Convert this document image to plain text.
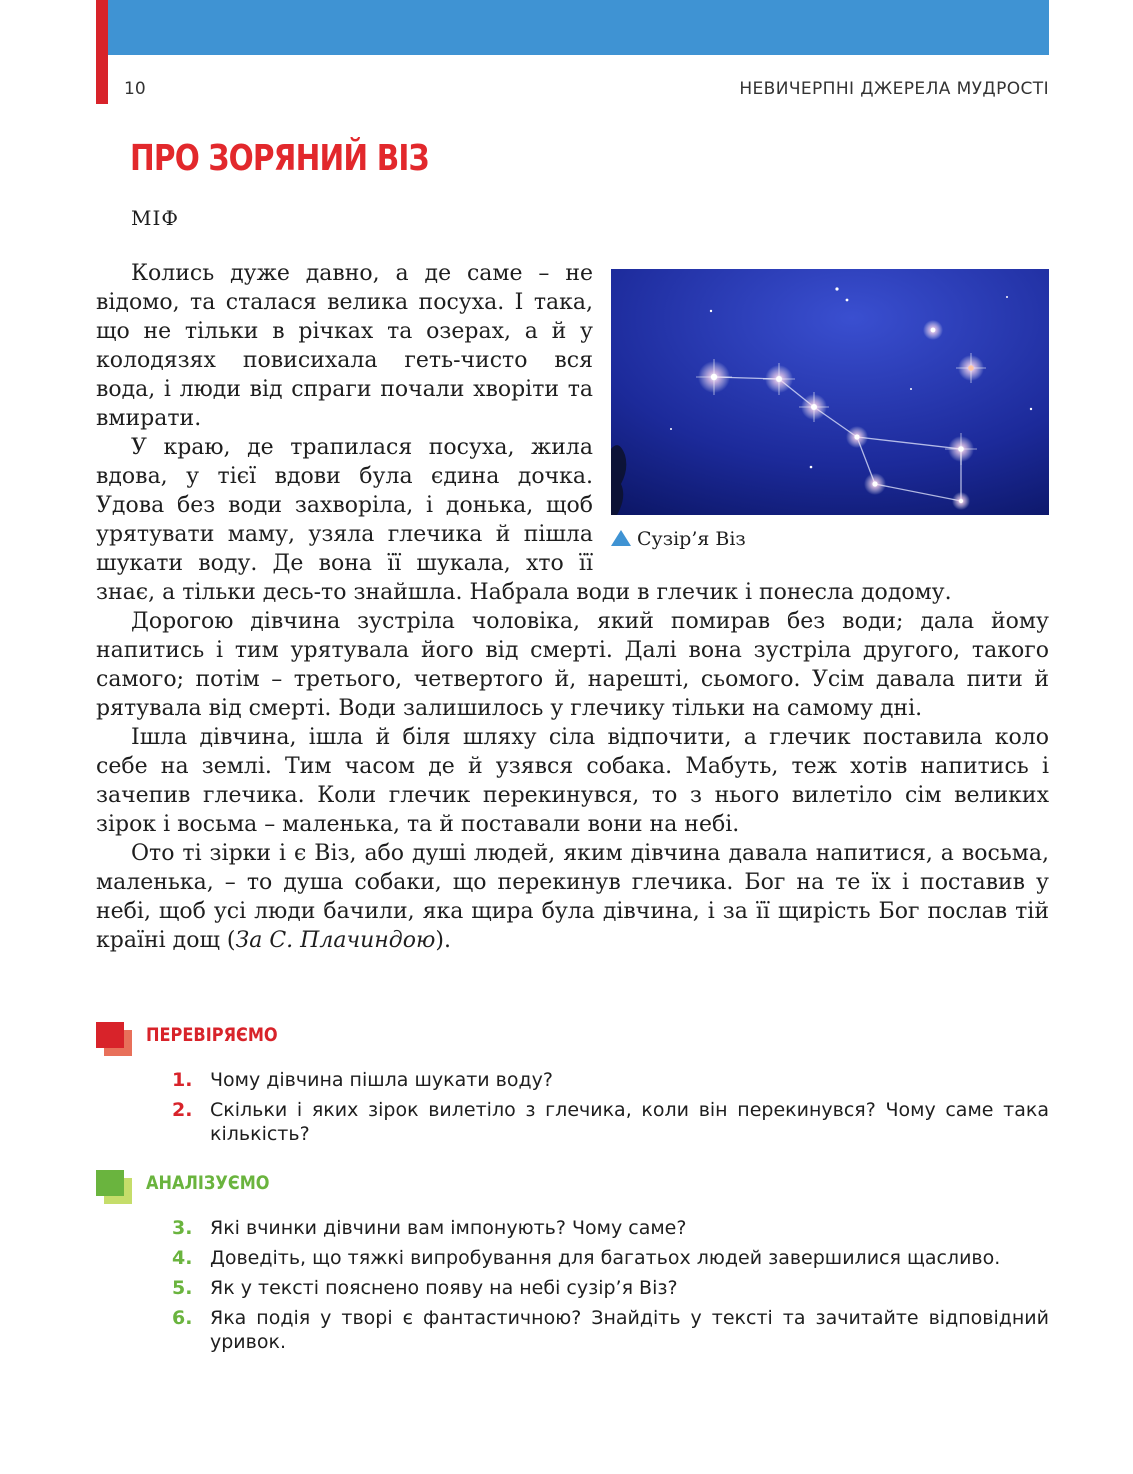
10	НЕВИЧЕРПНІ ДЖЕРЕЛА МУДРОСТІ
ПРО ЗОРЯНИЙ ВІЗ
МІФ
Сузір’я Віз

Колись дуже давно, а де саме – не відомо, та сталася велика посуха. І така, що не тільки в річках та озерах, а й у колодязях повисихала геть-чисто вся вода, і люди від спраги почали хворіти та вмирати.

У краю, де трапилася посуха, жила вдова, у тієї вдови була єдина дочка. Удова без води захворіла, і донька, щоб урятувати маму, узяла глечика й пішла шукати воду. Де вона її шукала, хто її знає, а тільки десь-то знайшла. Набрала води в глечик і понесла додому.

Дорогою дівчина зустріла чоловіка, який помирав без води; дала йому напитись і тим урятувала його від смерті. Далі вона зустріла другого, такого самого; потім – третього, четвертого й, нарешті, сьомого. Усім давала пити й рятувала від смерті. Води залишилось у глечику тільки на самому дні.

Ішла дівчина, ішла й біля шляху сіла відпочити, а глечик поставила коло себе на землі. Тим часом де й узявся собака. Мабуть, теж хотів напитись і зачепив глечика. Коли глечик перекинувся, то з нього вилетіло сім великих зірок і восьма – маленька, та й поставали вони на небі.

Ото ті зірки і є Віз, або душі людей, яким дівчина давала напитися, а восьма, маленька, – то душа собаки, що перекинув глечика. Бог на те їх і поставив у небі, щоб усі люди бачили, яка щира була дівчина, і за її щирість Бог послав тій країні дощ (За С. Плачиндою).

ПЕРЕВІРЯЄМО
1. Чому дівчина пішла шукати воду?
2. Скільки і яких зірок вилетіло з глечика, коли він перекинувся? Чому саме така кількість?
АНАЛІЗУЄМО
3. Які вчинки дівчини вам імпонують? Чому саме?
4. Доведіть, що тяжкі випробування для багатьох людей завершилися щасливо.
5. Як у тексті пояснено появу на небі сузір’я Віз?
6. Яка подія у творі є фантастичною? Знайдіть у тексті та зачитайте відповідний уривок.
